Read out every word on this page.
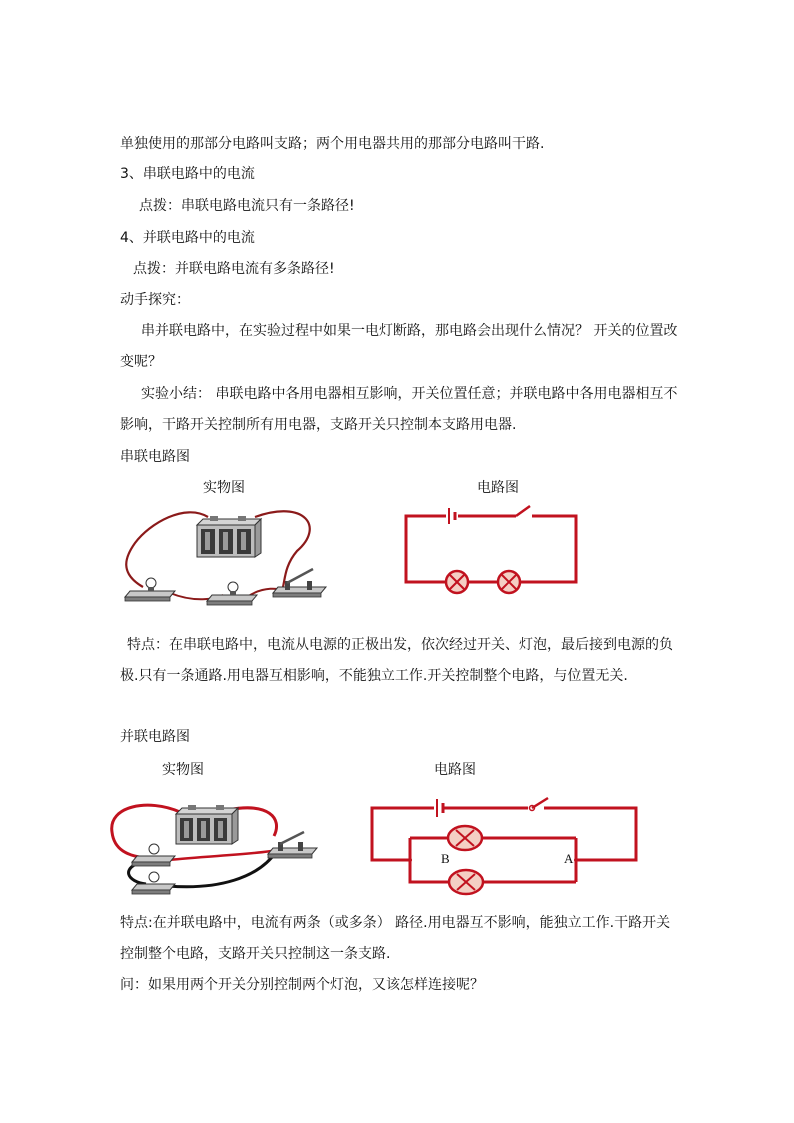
单独使用的那部分电路叫支路；两个用电器共用的那部分电路叫干路.
3、串联电路中的电流
点拨：串联电路电流只有一条路径!
4、并联电路中的电流
点拨：并联电路电流有多条路径!
动手探究：
串并联电路中，在实验过程中如果一电灯断路，那电路会出现什么情况？ 开关的位置改变呢？
实验小结： 串联电路中各用电器相互影响，开关位置任意；并联电路中各用电器相互不影响，干路开关控制所有用电器，支路开关只控制本支路用电器.
串联电路图
实物图	电路图
特点：在串联电路中，电流从电源的正极出发，依次经过开关、灯泡，最后接到电源的负极.只有一条通路.用电器互相影响，不能独立工作.开关控制整个电路，与位置无关.
并联电路图
实物图	电路图
B	A
特点:在并联电路中，电流有两条（或多条） 路径.用电器互不影响，能独立工作.干路开关控制整个电路，支路开关只控制这一条支路.
问：如果用两个开关分别控制两个灯泡，又该怎样连接呢？
